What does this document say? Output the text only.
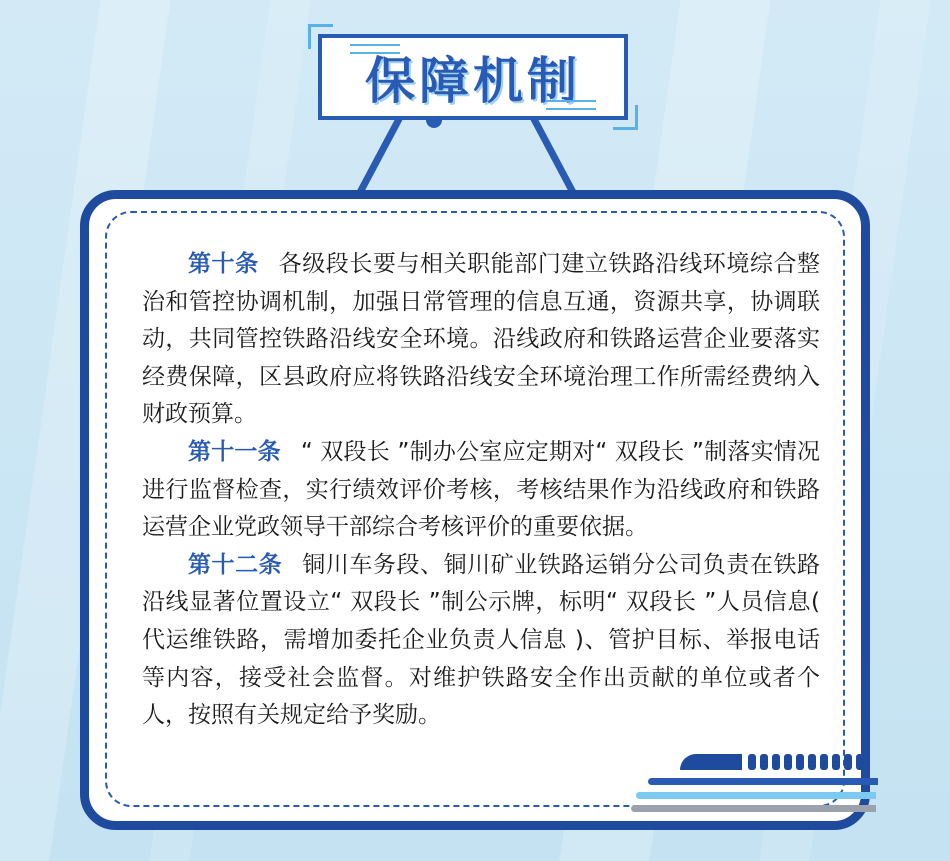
保障机制

第十条 各级段长要与相关职能部门建立铁路沿线环境综合整治和管控协调机制，加强日常管理的信息互通，资源共享，协调联动，共同管控铁路沿线安全环境。沿线政府和铁路运营企业要落实经费保障，区县政府应将铁路沿线安全环境治理工作所需经费纳入财政预算。

第十一条 “ 双段长 ”制办公室应定期对“ 双段长 ”制落实情况进行监督检查，实行绩效评价考核，考核结果作为沿线政府和铁路运营企业党政领导干部综合考核评价的重要依据。

第十二条 铜川车务段、铜川矿业铁路运销分公司负责在铁路沿线显著位置设立“ 双段长 ”制公示牌，标明“ 双段长 ”人员信息( 代运维铁路，需增加委托企业负责人信息 )、管护目标、举报电话等内容，接受社会监督。对维护铁路安全作出贡献的单位或者个人，按照有关规定给予奖励。
